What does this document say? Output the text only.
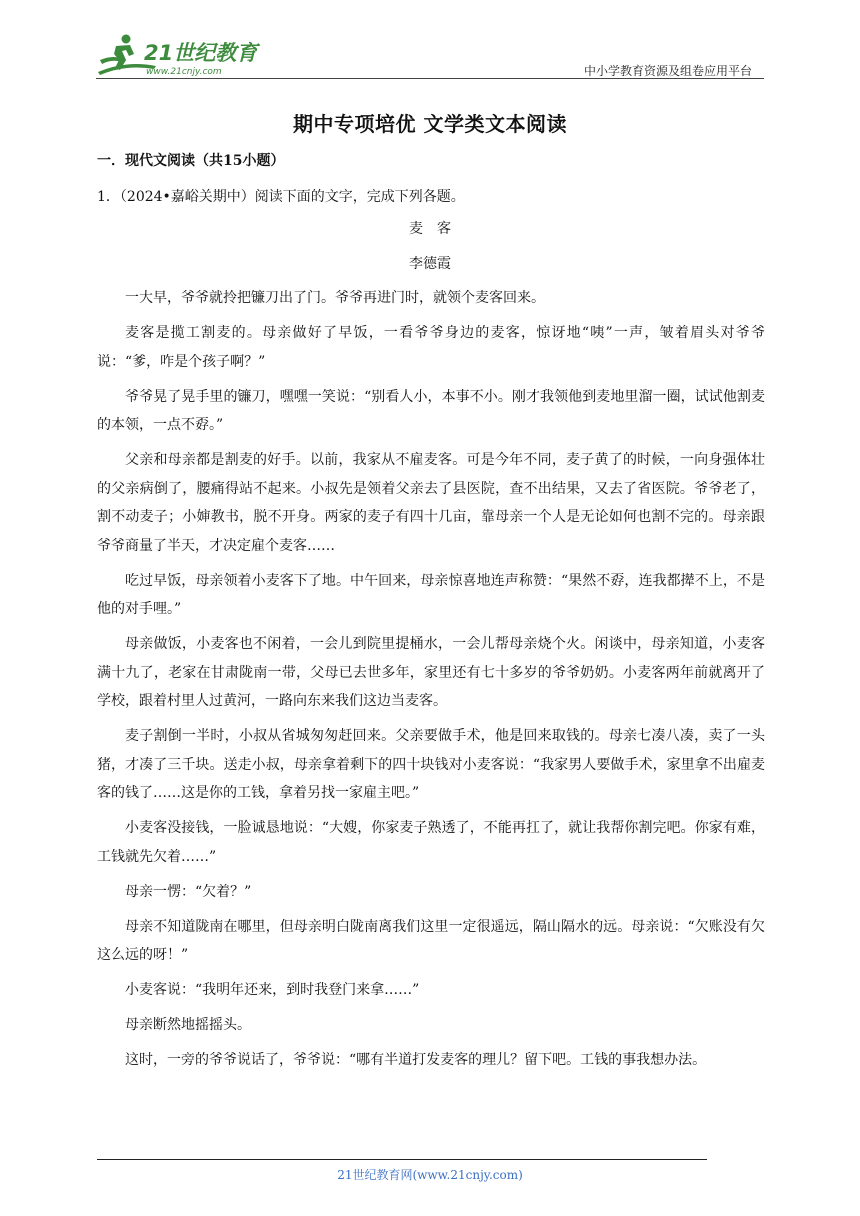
21世纪教育
www.21cnjy.com	中小学教育资源及组卷应用平台
期中专项培优 文学类文本阅读
一．现代文阅读（共15小题）
1．（2024•嘉峪关期中）阅读下面的文字，完成下列各题。
麦　客
李德霞

一大早，爷爷就拎把镰刀出了门。爷爷再进门时，就领个麦客回来。

麦客是揽工割麦的。母亲做好了早饭，一看爷爷身边的麦客，惊讶地“咦”一声，皱着眉头对爷爷说：“爹，咋是个孩子啊？”

爷爷晃了晃手里的镰刀，嘿嘿一笑说：“别看人小，本事不小。刚才我领他到麦地里溜一圈，试试他割麦的本领，一点不孬。”

父亲和母亲都是割麦的好手。以前，我家从不雇麦客。可是今年不同，麦子黄了的时候，一向身强体壮的父亲病倒了，腰痛得站不起来。小叔先是领着父亲去了县医院，查不出结果，又去了省医院。爷爷老了，割不动麦子；小婶教书，脱不开身。两家的麦子有四十几亩，靠母亲一个人是无论如何也割不完的。母亲跟爷爷商量了半天，才决定雇个麦客……

吃过早饭，母亲领着小麦客下了地。中午回来，母亲惊喜地连声称赞：“果然不孬，连我都撵不上，不是他的对手哩。”

母亲做饭，小麦客也不闲着，一会儿到院里提桶水，一会儿帮母亲烧个火。闲谈中，母亲知道，小麦客满十九了，老家在甘肃陇南一带，父母已去世多年，家里还有七十多岁的爷爷奶奶。小麦客两年前就离开了学校，跟着村里人过黄河，一路向东来我们这边当麦客。

麦子割倒一半时，小叔从省城匆匆赶回来。父亲要做手术，他是回来取钱的。母亲七凑八凑，卖了一头猪，才凑了三千块。送走小叔，母亲拿着剩下的四十块钱对小麦客说：“我家男人要做手术，家里拿不出雇麦客的钱了……这是你的工钱，拿着另找一家雇主吧。”

小麦客没接钱，一脸诚恳地说：“大嫂，你家麦子熟透了，不能再扛了，就让我帮你割完吧。你家有难，工钱就先欠着……”

母亲一愣：“欠着？”

母亲不知道陇南在哪里，但母亲明白陇南离我们这里一定很遥远，隔山隔水的远。母亲说：“欠账没有欠这么远的呀！”

小麦客说：“我明年还来，到时我登门来拿……”

母亲断然地摇摇头。

这时，一旁的爷爷说话了，爷爷说：“哪有半道打发麦客的理儿？留下吧。工钱的事我想办法。

21世纪教育网(www.21cnjy.com)
